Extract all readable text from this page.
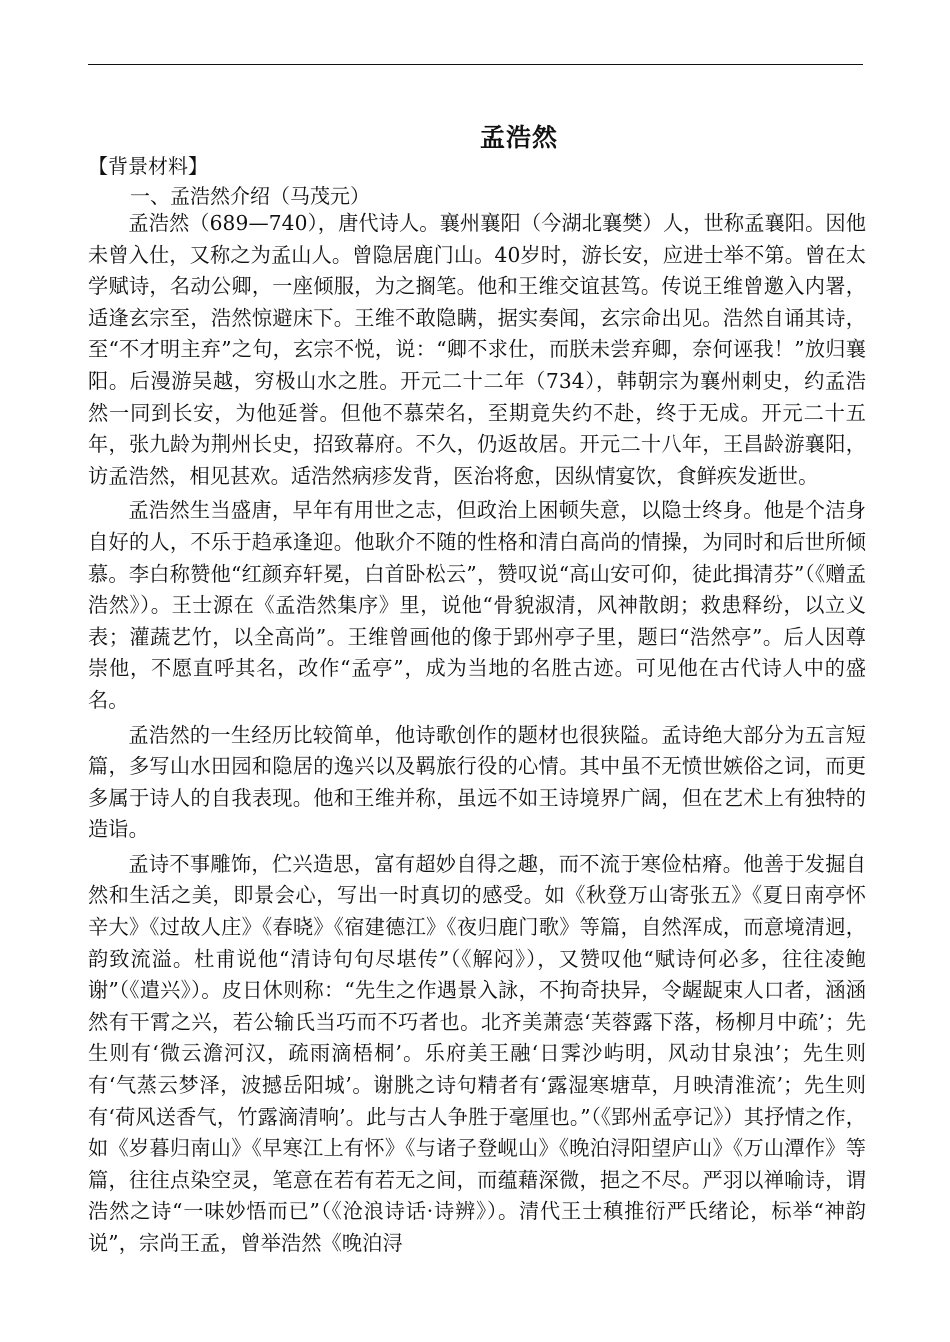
孟浩然

【背景材料】

一、孟浩然介绍（马茂元）

孟浩然（689—740），唐代诗人。襄州襄阳（今湖北襄樊）人，世称孟襄阳。因他未曾入仕，又称之为孟山人。曾隐居鹿门山。40岁时，游长安，应进士举不第。曾在太学赋诗，名动公卿，一座倾服，为之搁笔。他和王维交谊甚笃。传说王维曾邀入内署，适逢玄宗至，浩然惊避床下。王维不敢隐瞒，据实奏闻，玄宗命出见。浩然自诵其诗，至“不才明主弃”之句，玄宗不悦，说：“卿不求仕，而朕未尝弃卿，奈何诬我！”放归襄阳。后漫游吴越，穷极山水之胜。开元二十二年（734），韩朝宗为襄州刺史，约孟浩然一同到长安，为他延誉。但他不慕荣名，至期竟失约不赴，终于无成。开元二十五年，张九龄为荆州长史，招致幕府。不久，仍返故居。开元二十八年，王昌龄游襄阳，访孟浩然，相见甚欢。适浩然病疹发背，医治将愈，因纵情宴饮，食鲜疾发逝世。

孟浩然生当盛唐，早年有用世之志，但政治上困顿失意，以隐士终身。他是个洁身自好的人，不乐于趋承逢迎。他耿介不随的性格和清白高尚的情操，为同时和后世所倾慕。李白称赞他“红颜弃轩冕，白首卧松云”，赞叹说“高山安可仰，徒此揖清芬”（《赠孟浩然》）。王士源在《孟浩然集序》里，说他“骨貌淑清，风神散朗；救患释纷，以立义表；灌蔬艺竹，以全高尚”。王维曾画他的像于郢州亭子里，题曰“浩然亭”。后人因尊崇他，不愿直呼其名，改作“孟亭”，成为当地的名胜古迹。可见他在古代诗人中的盛名。

孟浩然的一生经历比较简单，他诗歌创作的题材也很狭隘。孟诗绝大部分为五言短篇，多写山水田园和隐居的逸兴以及羁旅行役的心情。其中虽不无愤世嫉俗之词，而更多属于诗人的自我表现。他和王维并称，虽远不如王诗境界广阔，但在艺术上有独特的造诣。

孟诗不事雕饰，伫兴造思，富有超妙自得之趣，而不流于寒俭枯瘠。他善于发掘自然和生活之美，即景会心，写出一时真切的感受。如《秋登万山寄张五》《夏日南亭怀辛大》《过故人庄》《春晓》《宿建德江》《夜归鹿门歌》等篇，自然浑成，而意境清迥，韵致流溢。杜甫说他“清诗句句尽堪传”（《解闷》），又赞叹他“赋诗何必多，往往凌鲍谢”（《遣兴》）。皮日休则称：“先生之作遇景入詠，不拘奇抉异，令龌龊束人口者，涵涵然有干霄之兴，若公输氏当巧而不巧者也。北齐美萧悫‘芙蓉露下落，杨柳月中疏’；先生则有‘微云澹河汉，疏雨滴梧桐’。乐府美王融‘日霁沙屿明，风动甘泉浊’；先生则有‘气蒸云梦泽，波撼岳阳城’。谢朓之诗句精者有‘露湿寒塘草，月映清淮流’；先生则有‘荷风送香气，竹露滴清响’。此与古人争胜于毫厘也。”（《郢州孟亭记》）其抒情之作，如《岁暮归南山》《早寒江上有怀》《与诸子登岘山》《晚泊浔阳望庐山》《万山潭作》等篇，往往点染空灵，笔意在若有若无之间，而蕴藉深微，挹之不尽。严羽以禅喻诗，谓浩然之诗“一味妙悟而已”（《沧浪诗话·诗辨》）。清代王士稹推衍严氏绪论，标举“神韵说”，宗尚王孟，曾举浩然《晚泊浔
